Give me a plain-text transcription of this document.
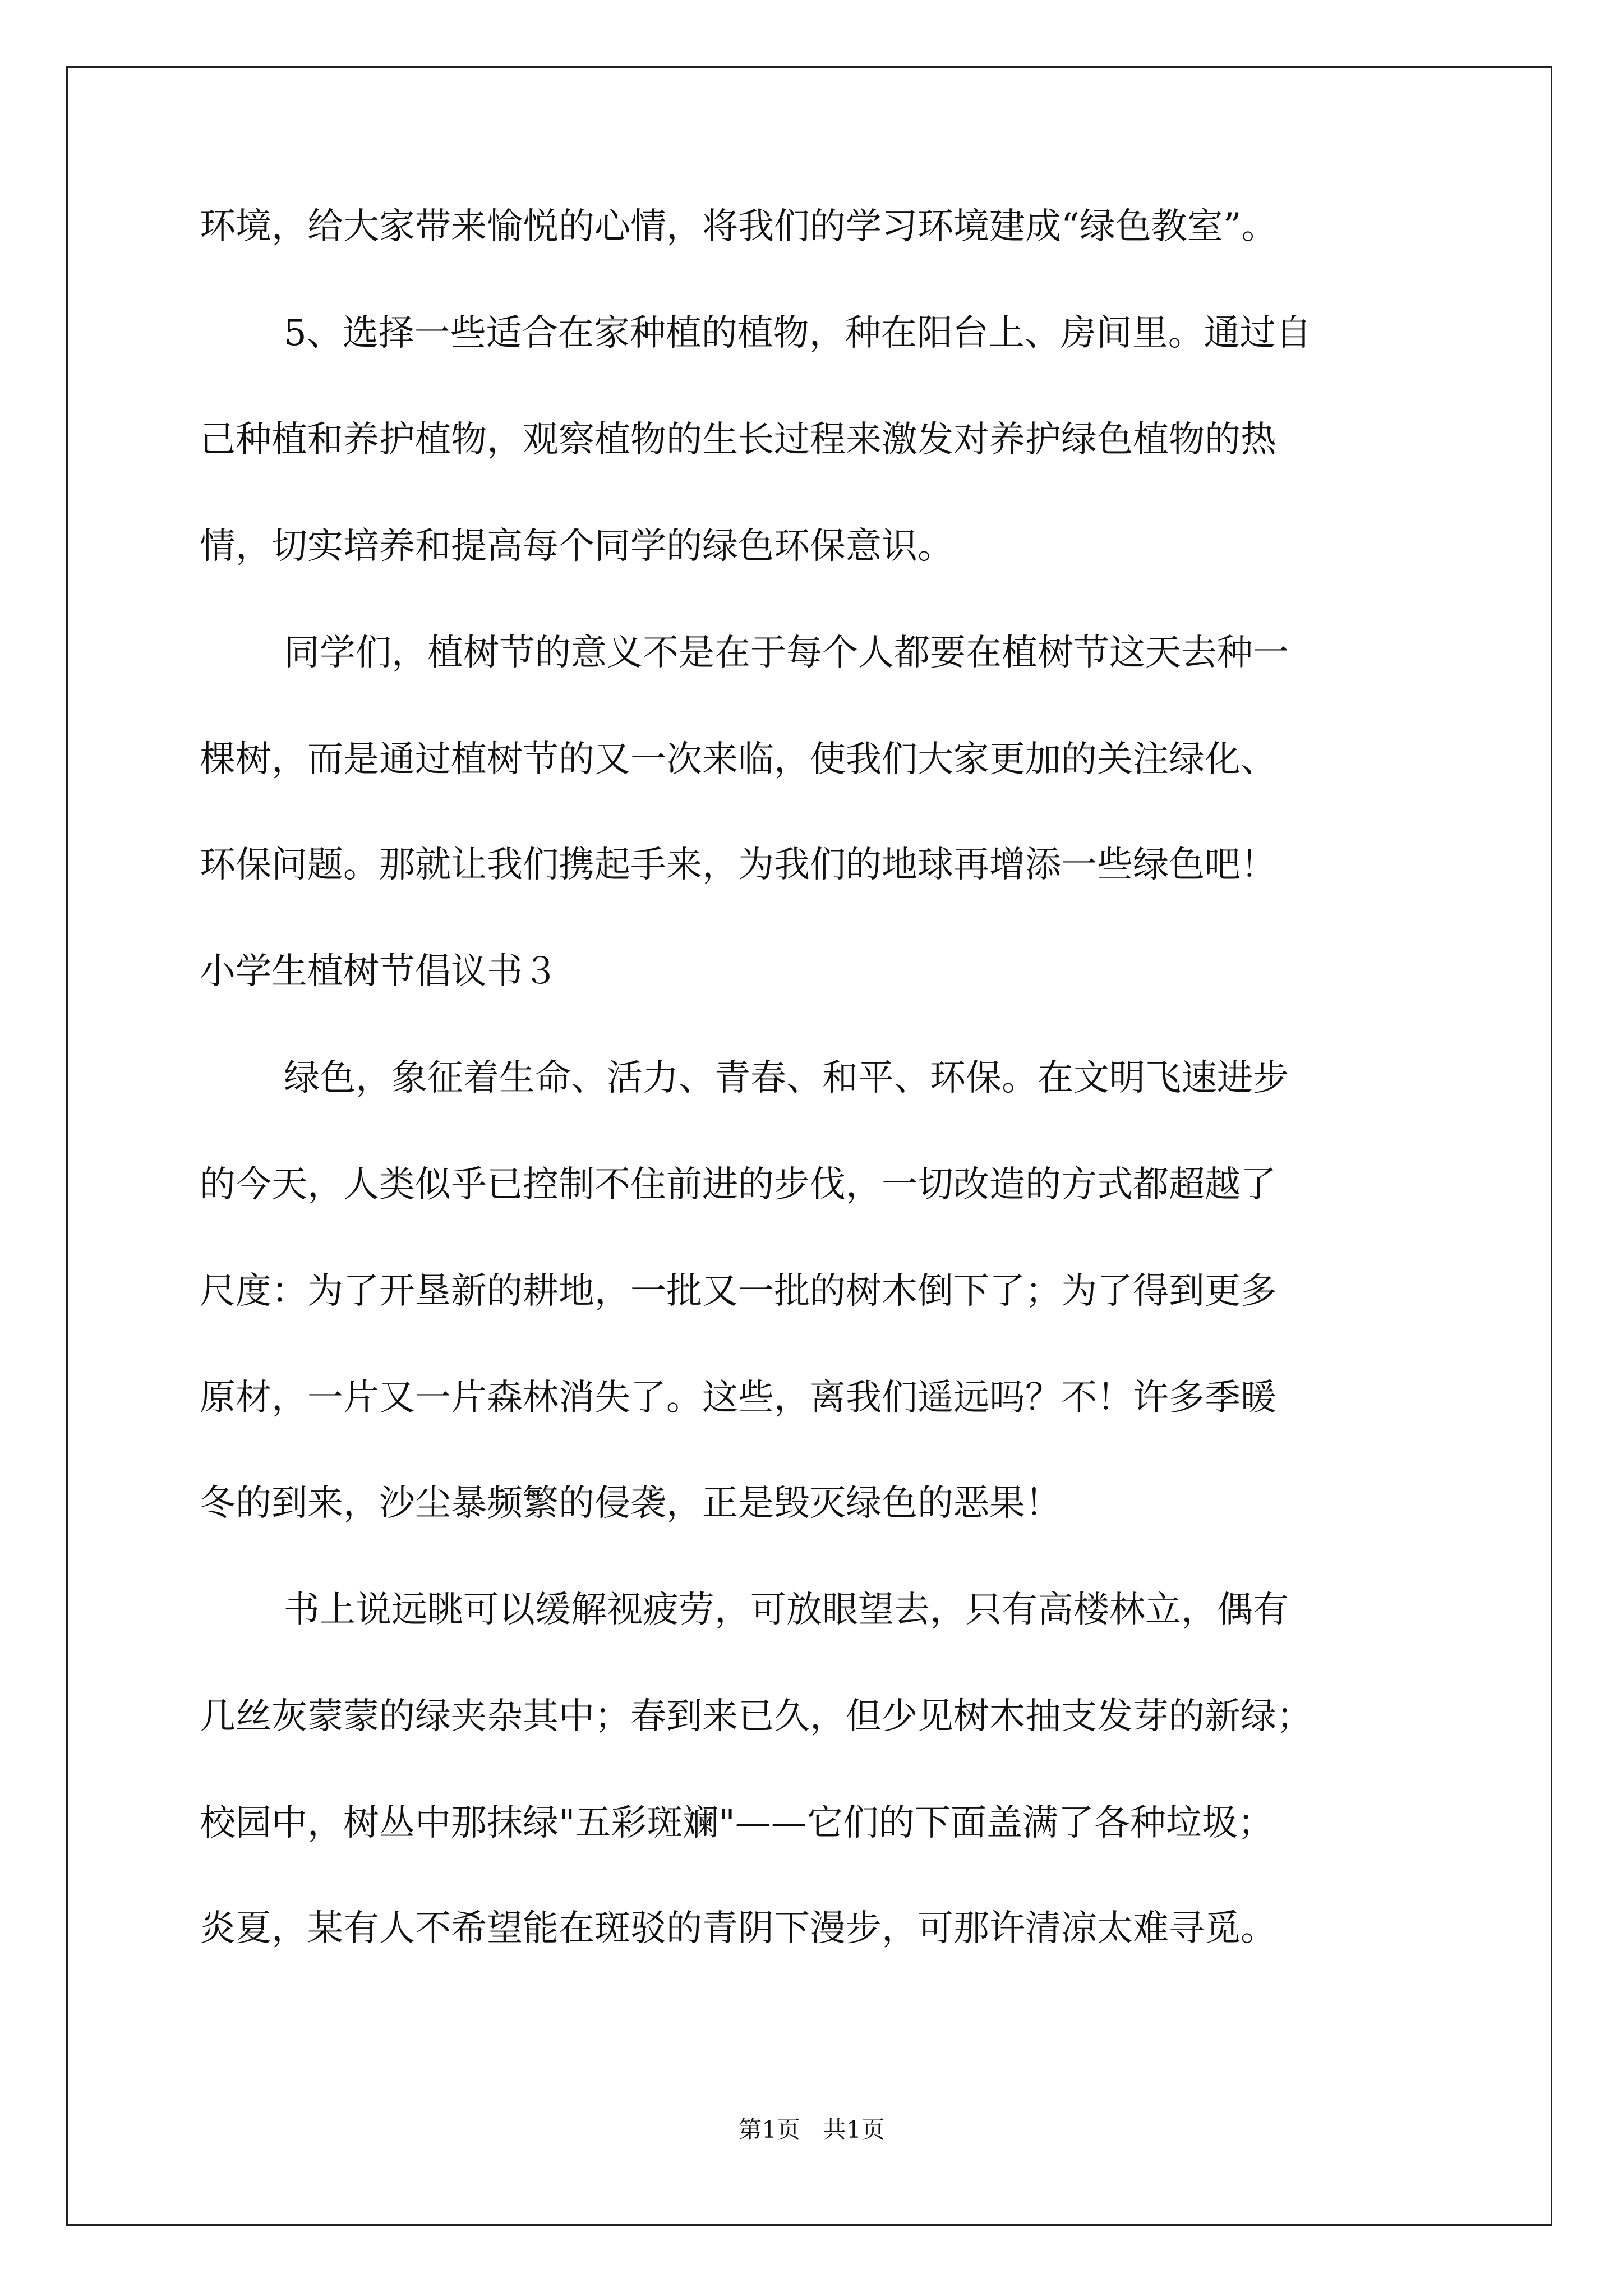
环境，给大家带来愉悦的心情，将我们的学习环境建成“绿色教室”。
5、选择一些适合在家种植的植物，种在阳台上、房间里。通过自
己种植和养护植物，观察植物的生长过程来激发对养护绿色植物的热
情，切实培养和提高每个同学的绿色环保意识。
同学们，植树节的意义不是在于每个人都要在植树节这天去种一
棵树，而是通过植树节的又一次来临，使我们大家更加的关注绿化、
环保问题。那就让我们携起手来，为我们的地球再增添一些绿色吧！
小学生植树节倡议书３
绿色，象征着生命、活力、青春、和平、环保。在文明飞速进步
的今天，人类似乎已控制不住前进的步伐，一切改造的方式都超越了
尺度：为了开垦新的耕地，一批又一批的树木倒下了；为了得到更多
原材，一片又一片森林消失了。这些，离我们遥远吗？不！许多季暖
冬的到来，沙尘暴频繁的侵袭，正是毁灭绿色的恶果！
书上说远眺可以缓解视疲劳，可放眼望去，只有高楼林立，偶有
几丝灰蒙蒙的绿夹杂其中；春到来已久，但少见树木抽支发芽的新绿；
校园中，树丛中那抹绿"五彩斑斓"——它们的下面盖满了各种垃圾；
炎夏，某有人不希望能在斑驳的青阴下漫步，可那许清凉太难寻觅。
第1页   共1页
